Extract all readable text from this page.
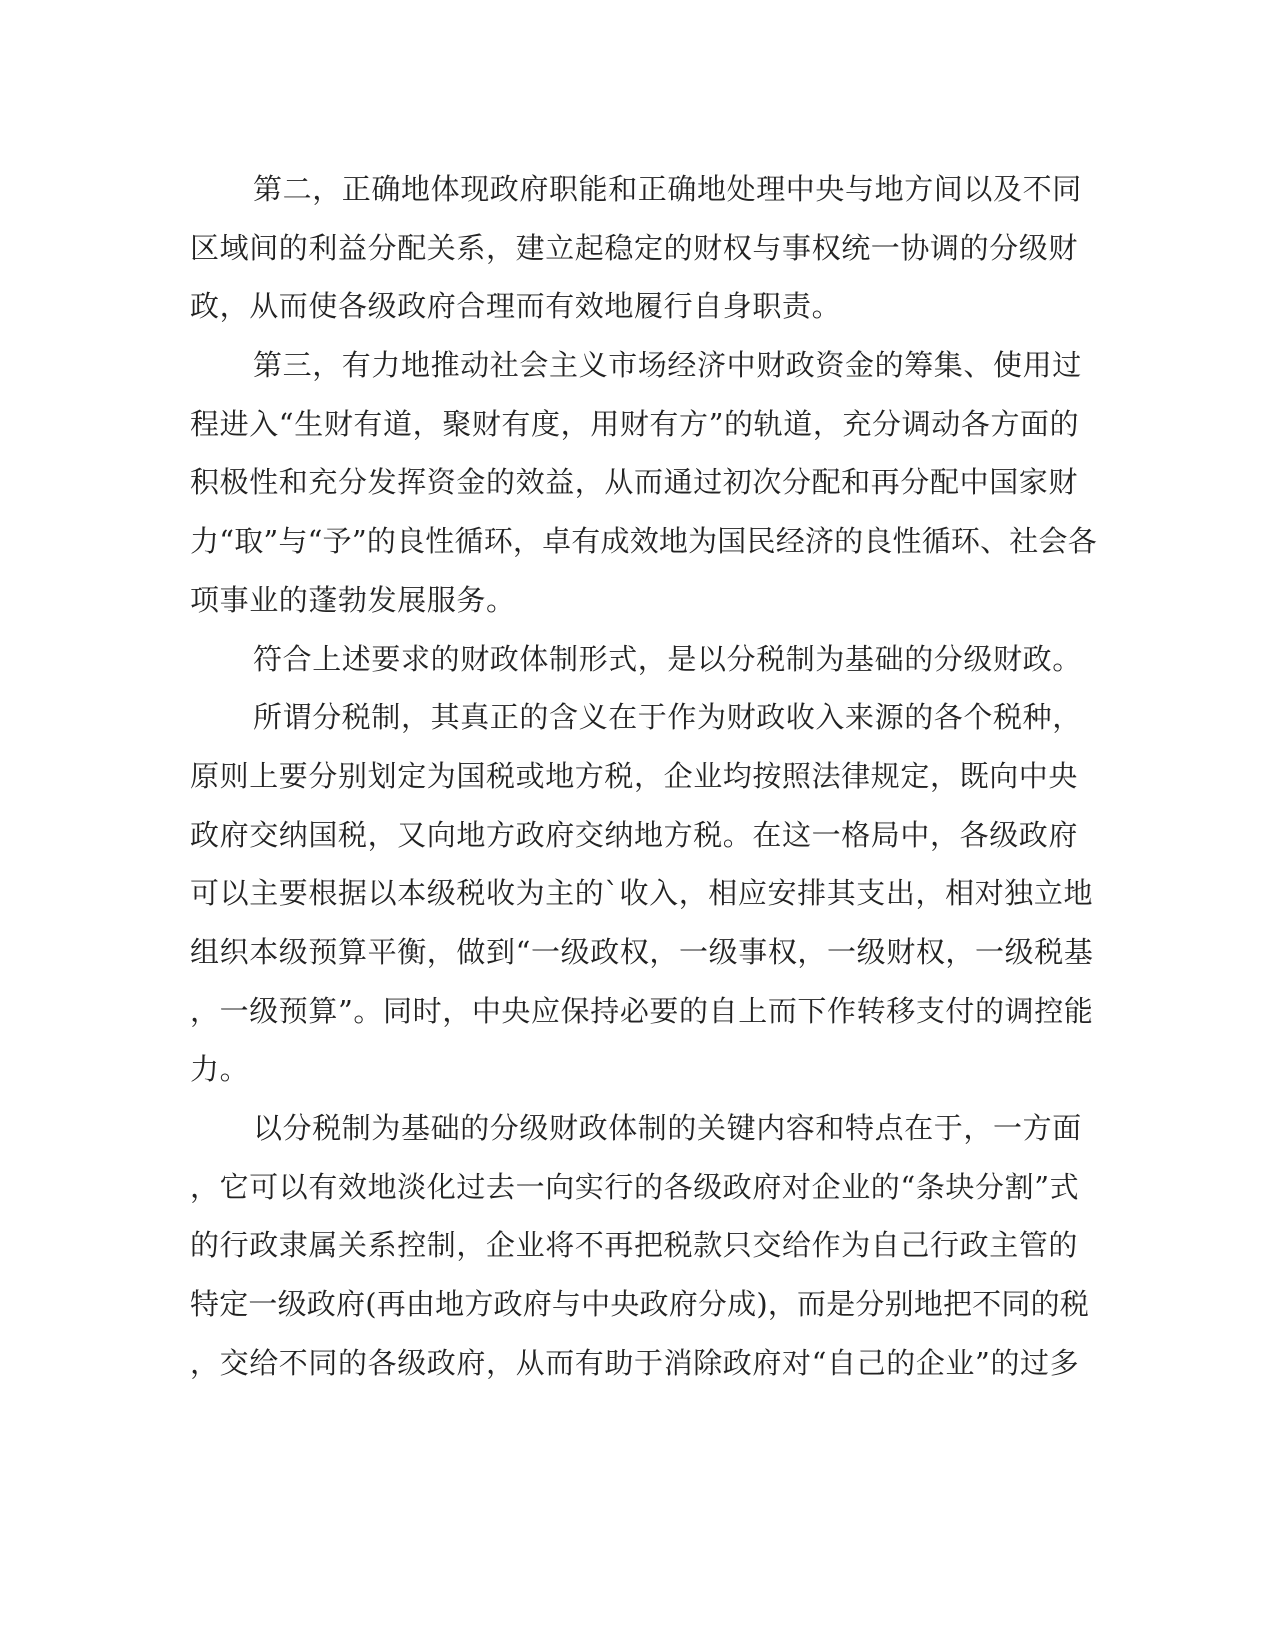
第二，正确地体现政府职能和正确地处理中央与地方间以及不同
区域间的利益分配关系，建立起稳定的财权与事权统一协调的分级财
政，从而使各级政府合理而有效地履行自身职责。
第三，有力地推动社会主义市场经济中财政资金的筹集、使用过
程进入“生财有道，聚财有度，用财有方”的轨道，充分调动各方面的
积极性和充分发挥资金的效益，从而通过初次分配和再分配中国家财
力“取”与“予”的良性循环，卓有成效地为国民经济的良性循环、社会各
项事业的蓬勃发展服务。
符合上述要求的财政体制形式，是以分税制为基础的分级财政。
所谓分税制，其真正的含义在于作为财政收入来源的各个税种，
原则上要分别划定为国税或地方税，企业均按照法律规定，既向中央
政府交纳国税，又向地方政府交纳地方税。在这一格局中，各级政府
可以主要根据以本级税收为主的`收入，相应安排其支出，相对独立地
组织本级预算平衡，做到“一级政权，一级事权，一级财权，一级税基
，一级预算”。同时，中央应保持必要的自上而下作转移支付的调控能
力。
以分税制为基础的分级财政体制的关键内容和特点在于，一方面
，它可以有效地淡化过去一向实行的各级政府对企业的“条块分割”式
的行政隶属关系控制，企业将不再把税款只交给作为自己行政主管的
特定一级政府(再由地方政府与中央政府分成)，而是分别地把不同的税
，交给不同的各级政府，从而有助于消除政府对“自己的企业”的过多
